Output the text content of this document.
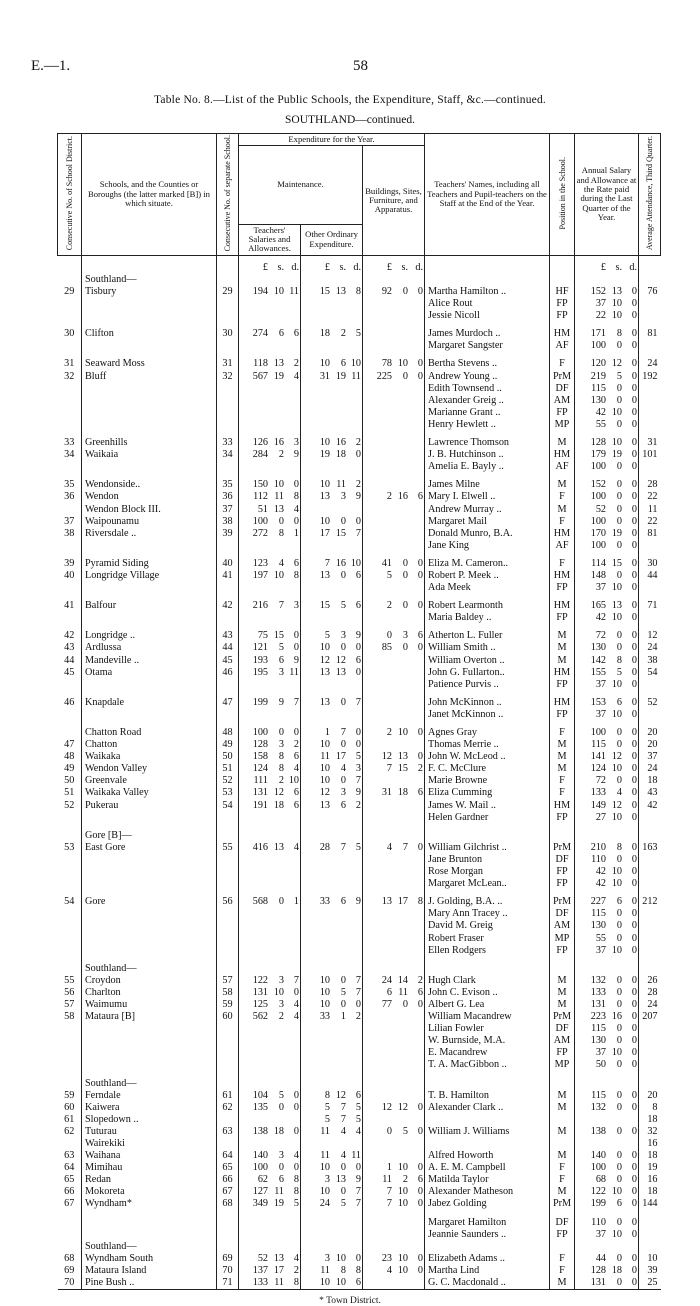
E.—1.	58
Table No. 8.—List of the Public Schools, the Expenditure, Staff, &c.—continued.
SOUTHLAND—continued.
Consecutive No. of School District.	Schools, and the Counties or Boroughs (the latter marked [B]) in which situate.	Consecutive No. of separate School.	Expenditure for the Year.			Teachers' Names, including all Teachers and Pupil-teachers on the Staff at the End of the Year.	Position in the School.	Annual Salary and Allowance at the Rate paid during the Last Quarter of the Year.	Average Attendance, Third Quarter.
			Maintenance.		Buildings, Sites, Furniture, and Apparatus.				
			Teachers' Salaries and Allowances.	Other Ordinary Expenditure.					

			£ s. d.	£ s. d.	£ s. d.			£ s. d.	

	Southland—		

29	Tisbury	29	194 10 11	15 13 8	92 0 0	Martha Hamilton ..	HF	152 13 0	76

	Alice Rout	FP	37 10 0	

	Jessie Nicoll	FP	22 10 0	

30	Clifton	30	274 6 6	18 2 5		James Murdoch ..	HM	171 8 0	81

	Margaret Sangster	AF	100 0 0	

31	Seaward Moss	31	118 13 2	10 6 10	78 10 0	Bertha Stevens ..	F	120 12 0	24
32	Bluff	32	567 19 4	31 19 11	225 0 0	Andrew Young ..	PrM	219 5 0	192

	Edith Townsend ..	DF	115 0 0	

	Alexander Greig ..	AM	130 0 0	

	Marianne Grant ..	FP	42 10 0	

	Henry Hewlett ..	MP	55 0 0	

33	Greenhills	33	126 16 3	10 16 2		Lawrence Thomson	M	128 10 0	31
34	Waikaia	34	284 2 9	19 18 0		J. B. Hutchinson ..	HM	179 19 0	101

	Amelia E. Bayly ..	AF	100 0 0	

35	Wendonside..	35	150 10 0	10 11 2		James Milne	M	152 0 0	28
36	Wendon	36	112 11 8	13 3 9	2 16 6	Mary I. Elwell ..	F	100 0 0	22
	Wendon Block III.	37	51 13 4			Andrew Murray ..	M	52 0 0	11
37	Waipounamu	38	100 0 0	10 0 0		Margaret Mail	F	100 0 0	22
38	Riversdale ..	39	272 8 1	17 15 7		Donald Munro, B.A.	HM	170 19 0	81

	Jane King	AF	100 0 0	

39	Pyramid Siding	40	123 4 6	7 16 10	41 0 0	Eliza M. Cameron..	F	114 15 0	30
40	Longridge Village	41	197 10 8	13 0 6	5 0 0	Robert P. Meek ..	HM	148 0 0	44

	Ada Meek	FP	37 10 0	

41	Balfour	42	216 7 3	15 5 6	2 0 0	Robert Learmonth	HM	165 13 0	71

	Maria Baldey ..	FP	42 10 0	

42	Longridge ..	43	75 15 0	5 3 9	0 3 6	Atherton L. Fuller	M	72 0 0	12
43	Ardlussa	44	121 5 0	10 0 0	85 0 0	William Smith ..	M	130 0 0	24
44	Mandeville ..	45	193 6 9	12 12 6		William Overton ..	M	142 8 0	38
45	Otama	46	195 3 11	13 13 0		John G. Fullarton..	HM	155 5 0	54

	Patience Purvis ..	FP	37 10 0	

46	Knapdale	47	199 9 7	13 0 7		John McKinnon ..	HM	153 6 0	52

	Janet McKinnon ..	FP	37 10 0	

	Chatton Road	48	100 0 0	1 7 0	2 10 0	Agnes Gray	F	100 0 0	20
47	Chatton	49	128 3 2	10 0 0		Thomas Merrie ..	M	115 0 0	20
48	Waikaka	50	158 8 6	11 17 5	12 13 0	John W. McLeod ..	M	141 12 0	37
49	Wendon Valley	51	124 8 4	10 4 3	7 15 2	F. C. McClure	M	124 10 0	24
50	Greenvale	52	111 2 10	10 0 7		Marie Browne	F	72 0 0	18
51	Waikaka Valley	53	131 12 6	12 3 9	31 18 6	Eliza Cumming	F	133 4 0	43
52	Pukerau	54	191 18 6	13 6 2		James W. Mail ..	HM	149 12 0	42

	Helen Gardner	FP	27 10 0	

	Gore [B]—		

53	East Gore	55	416 13 4	28 7 5	4 7 0	William Gilchrist ..	PrM	210 8 0	163

	Jane Brunton	DF	110 0 0	

	Rose Morgan	FP	42 10 0	

	Margaret McLean..	FP	42 10 0	

54	Gore	56	568 0 1	33 6 9	13 17 8	J. Golding, B.A. ..	PrM	227 6 0	212

	Mary Ann Tracey ..	DF	115 0 0	

	David M. Greig	AM	130 0 0	

	Robert Fraser	MP	55 0 0	

	Ellen Rodgers	FP	37 10 0	

	Southland—		

55	Croydon	57	122 3 7	10 0 7	24 14 2	Hugh Clark	M	132 0 0	26
56	Charlton	58	131 10 0	10 5 7	6 11 6	John C. Evison ..	M	133 0 0	28
57	Waimumu	59	125 3 4	10 0 0	77 0 0	Albert G. Lea	M	131 0 0	24
58	Mataura [B]	60	562 2 4	33 1 2		William Macandrew	PrM	223 16 0	207

	Lilian Fowler	DF	115 0 0	

	W. Burnside, M.A.	AM	130 0 0	

	E. Macandrew	FP	37 10 0	

	T. A. MacGibbon ..	MP	50 0 0	

	Southland—		

59	Ferndale	61	104 5 0	8 12 6		T. B. Hamilton	M	115 0 0	20
60	Kaiwera	62	135 0 0	5 7 5	12 12 0	Alexander Clark ..	M	132 0 0	8
61	Slopedown ..			5 7 5					18
62	Tuturau	63	138 18 0	11 4 4	0 5 0	William J. Williams	M	138 0 0	32
	Wairekiki								16
63	Waihana	64	140 3 4	11 4 11		Alfred Howorth	M	140 0 0	18
64	Mimihau	65	100 0 0	10 0 0	1 10 0	A. E. M. Campbell	F	100 0 0	19
65	Redan	66	62 6 8	3 13 9	11 2 6	Matilda Taylor	F	68 0 0	16
66	Mokoreta	67	127 11 8	10 0 7	7 10 0	Alexander Matheson	M	122 10 0	18
67	Wyndham*	68	349 19 5	24 5 7	7 10 0	Jabez Golding	PrM	199 6 0	144

	Margaret Hamilton	DF	110 0 0	

	Jeannie Saunders ..	FP	37 10 0	

	Southland—		

68	Wyndham South	69	52 13 4	3 10 0	23 10 0	Elizabeth Adams ..	F	44 0 0	10
69	Mataura Island	70	137 17 2	11 8 8	4 10 0	Martha Lind	F	128 18 0	39
70	Pine Bush ..	71	133 11 8	10 10 6		G. C. Macdonald ..	M	131 0 0	25
* Town District.
